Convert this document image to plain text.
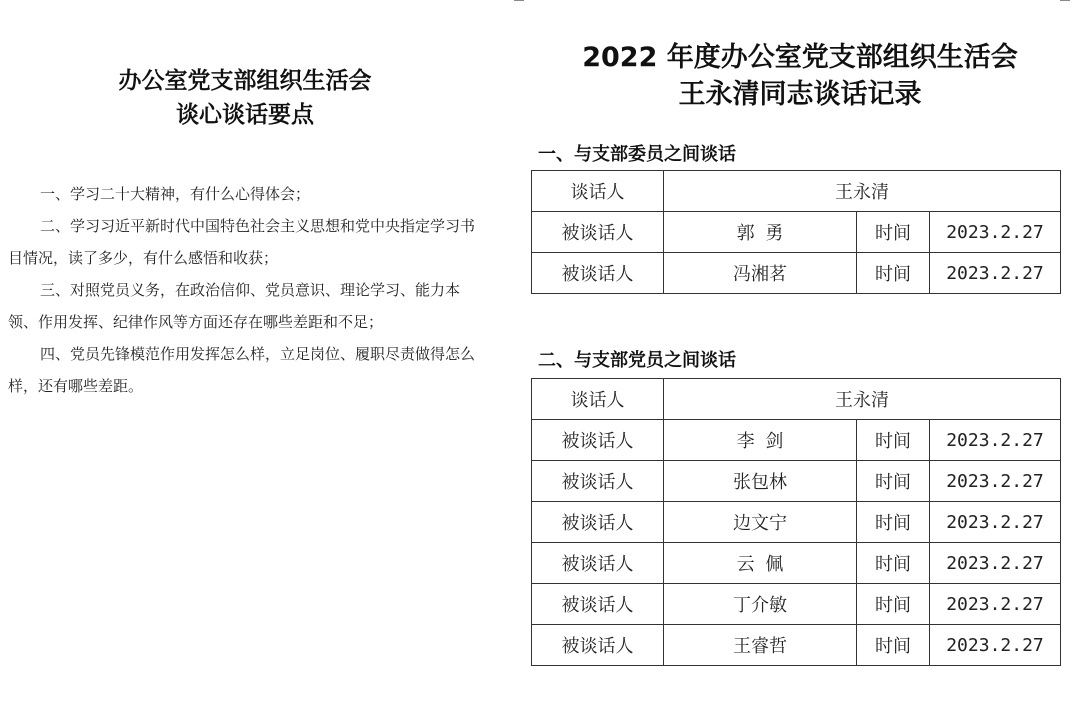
办公室党支部组织生活会
谈心谈话要点

一、学习二十大精神，有什么心得体会；

二、学习习近平新时代中国特色社会主义思想和党中央指定学习书目情况，读了多少，有什么感悟和收获；

三、对照党员义务，在政治信仰、党员意识、理论学习、能力本领、作用发挥、纪律作风等方面还存在哪些差距和不足；

四、党员先锋模范作用发挥怎么样，立足岗位、履职尽责做得怎么样，还有哪些差距。

2022 年度办公室党支部组织生活会
王永清同志谈话记录
一、与支部委员之间谈话
谈话人	王永清		
被谈话人	郭 勇	时间	2023.2.27
被谈话人	冯湘茗	时间	2023.2.27
二、与支部党员之间谈话
谈话人	王永清		
被谈话人	李 剑	时间	2023.2.27
被谈话人	张包林	时间	2023.2.27
被谈话人	边文宁	时间	2023.2.27
被谈话人	云 佩	时间	2023.2.27
被谈话人	丁介敏	时间	2023.2.27
被谈话人	王睿哲	时间	2023.2.27
